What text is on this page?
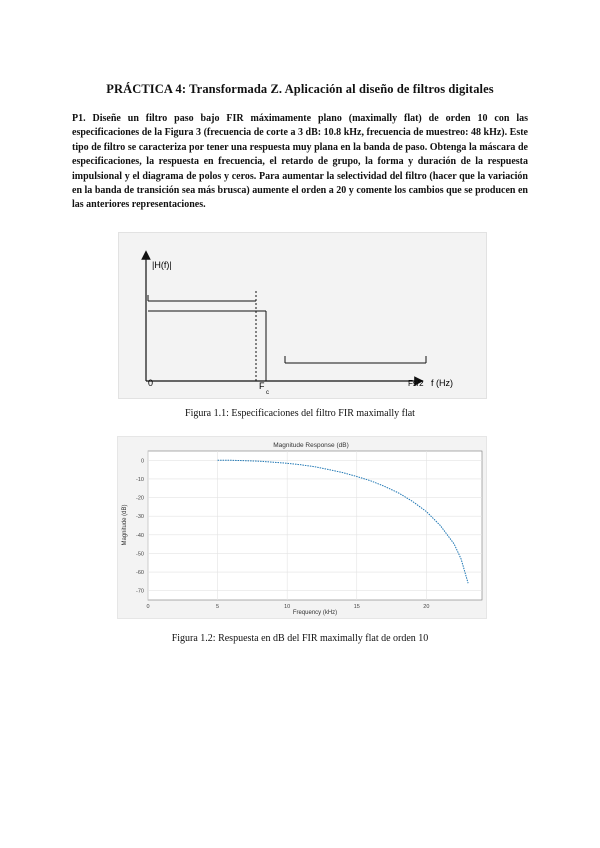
PRÁCTICA 4: Transformada Z. Aplicación al diseño de filtros digitales
P1. Diseñe un filtro paso bajo FIR máximamente plano (maximally flat) de orden 10 con las especificaciones de la Figura 3 (frecuencia de corte a 3 dB: 10.8 kHz, frecuencia de muestreo: 48 kHz). Este tipo de filtro se caracteriza por tener una respuesta muy plana en la banda de paso. Obtenga la máscara de especificaciones, la respuesta en frecuencia, el retardo de grupo, la forma y duración de la respuesta impulsional y el diagrama de polos y ceros. Para aumentar la selectividad del filtro (hacer que la variación en la banda de transición sea más brusca) aumente el orden a 20 y comente los cambios que se producen en las anteriores representaciones.
|H(f)|
0	F
c
Fs/2 f (Hz)
Figura 1.1: Especificaciones del filtro FIR maximally flat
Magnitude Response (dB)
0
-10
-20
-30
-40
-50
-60
-70
0	5	10	15	20
Frequency (kHz)
Magnitude (dB)
Figura 1.2: Respuesta en dB del FIR maximally flat de orden 10
